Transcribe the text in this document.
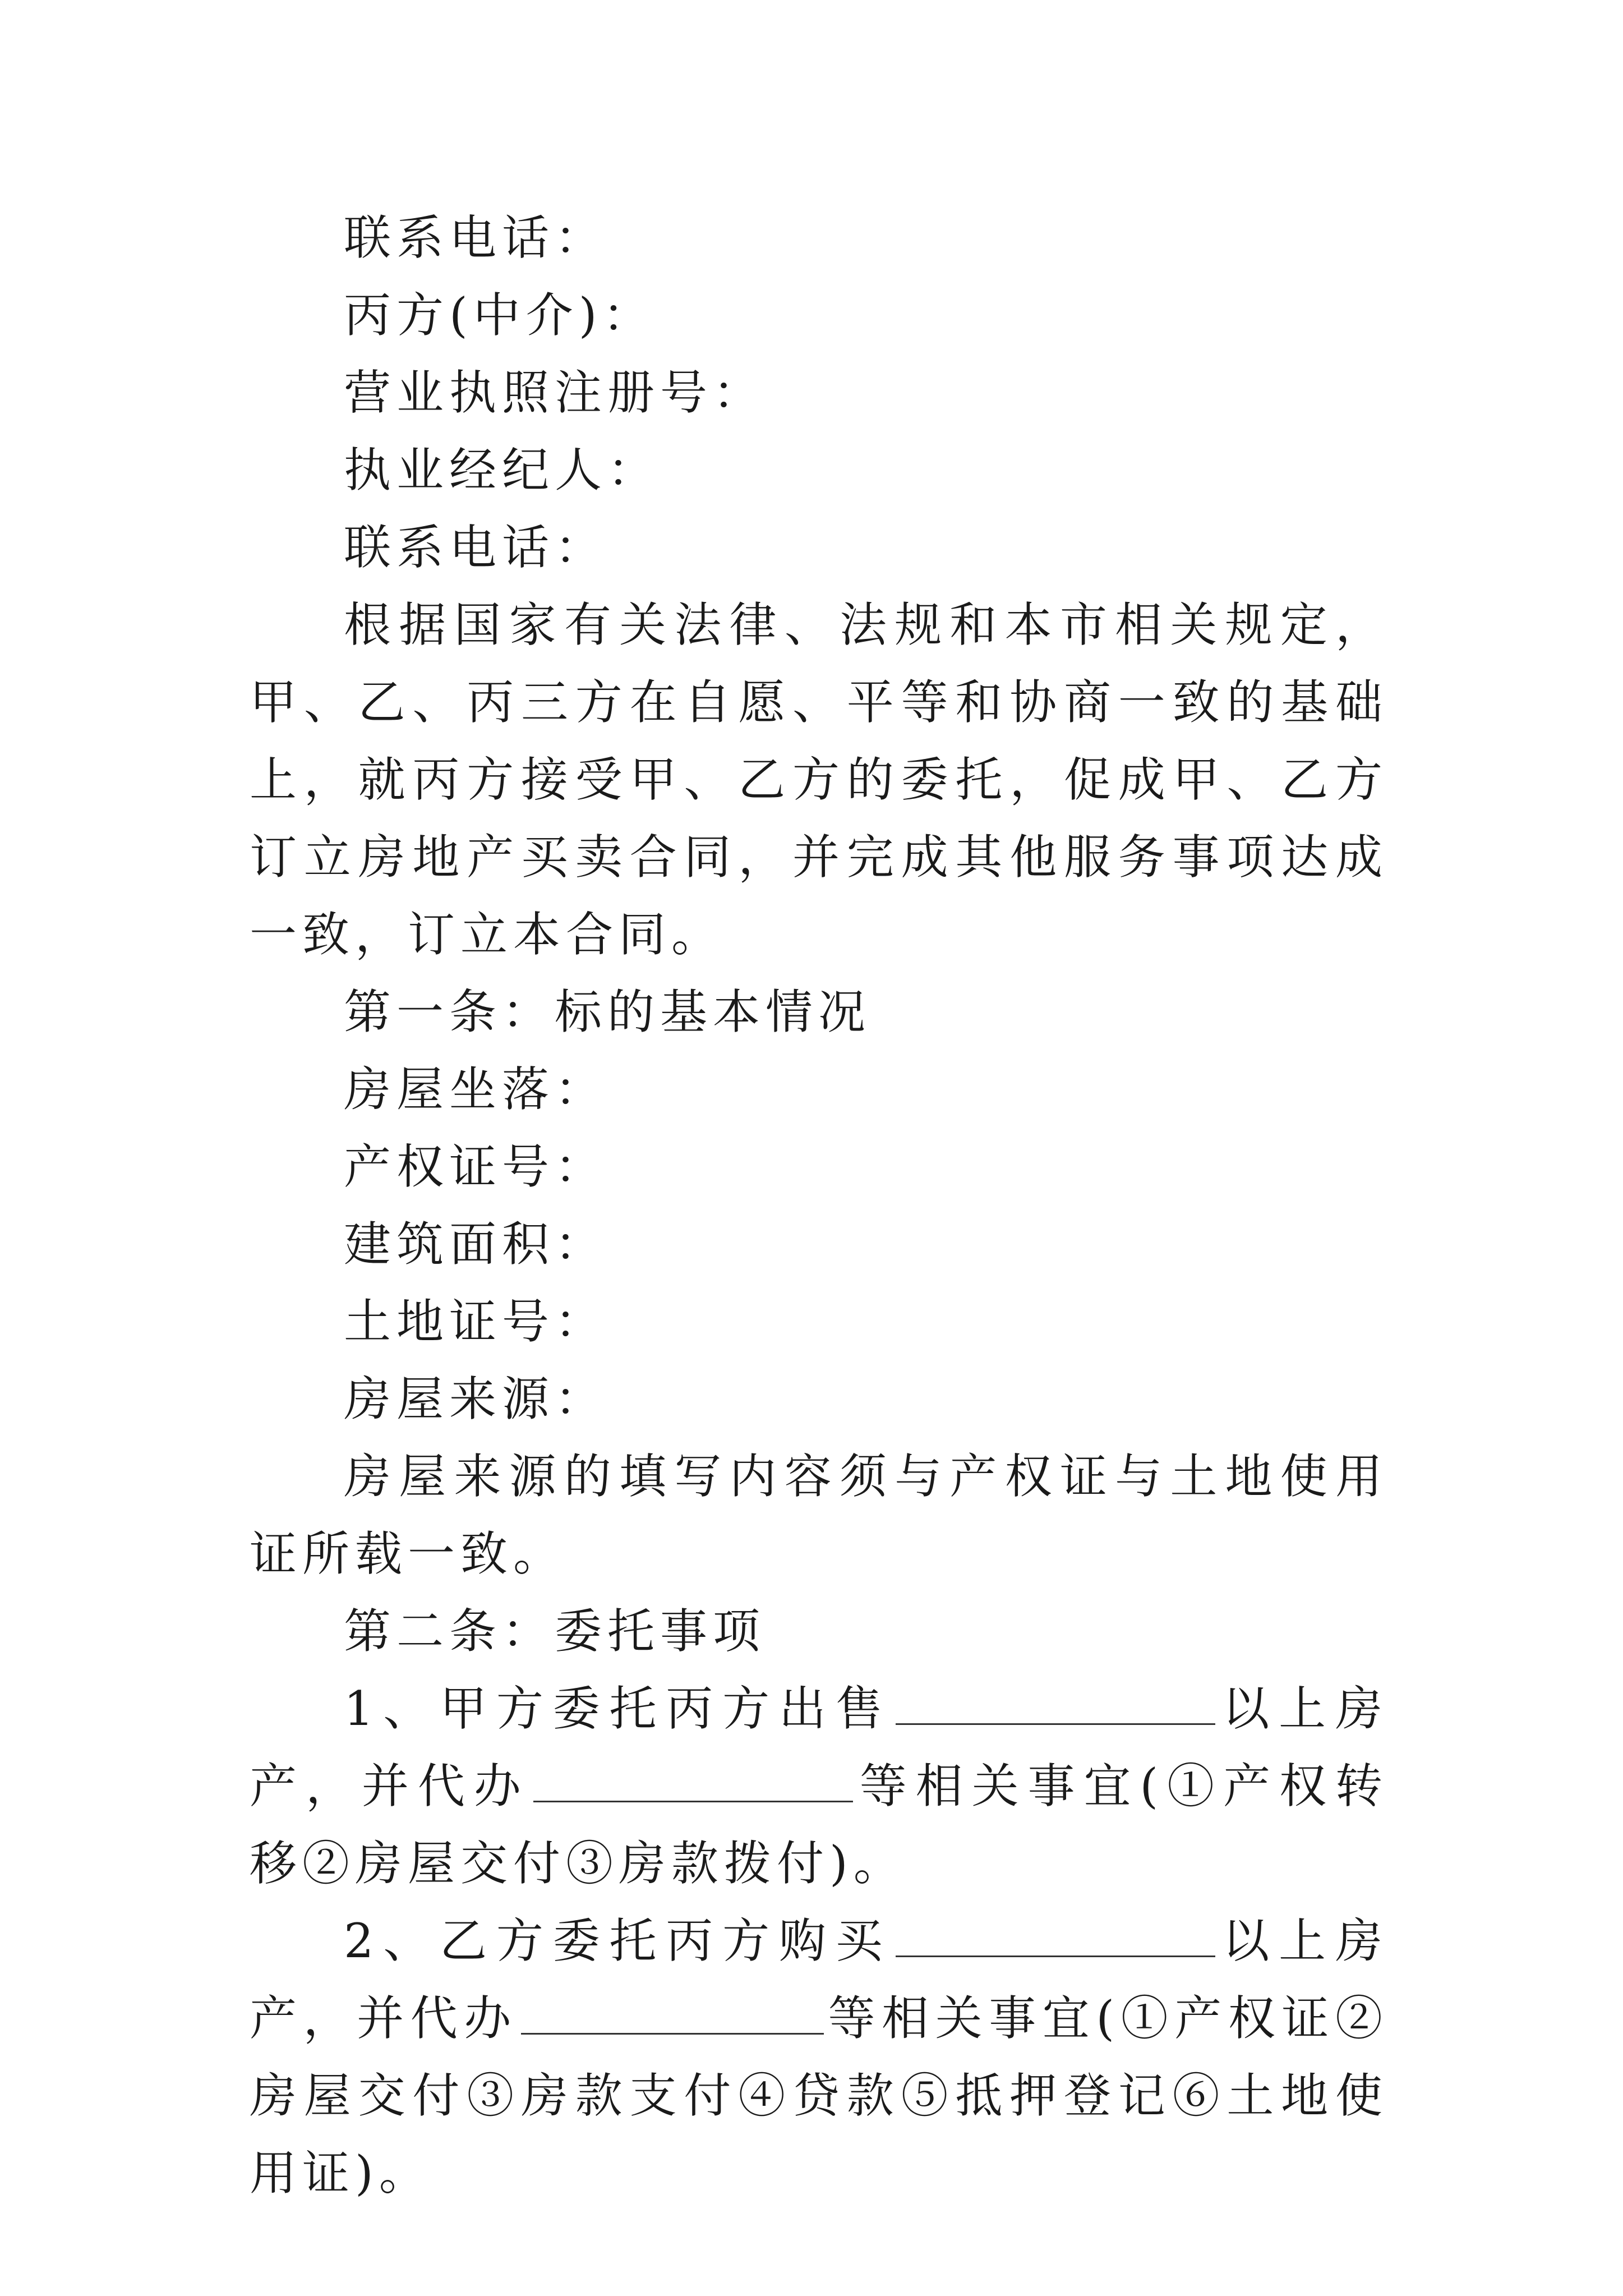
联系电话：

丙方(中介)：

营业执照注册号：

执业经纪人：

联系电话：

根据国家有关法律、法规和本市相关规定，甲、乙、丙三方在自愿、平等和协商一致的基础上，就丙方接受甲、乙方的委托，促成甲、乙方订立房地产买卖合同，并完成其他服务事项达成一致，订立本合同。

第一条：标的基本情况

房屋坐落：

产权证号：

建筑面积：

土地证号：

房屋来源：

房屋来源的填写内容须与产权证与土地使用证所载一致。

第二条：委托事项

1、甲方委托丙方出售	以上房产，并代办	等相关事宜(①产权转移②房屋交付③房款拨付)。

2、乙方委托丙方购买	以上房产，并代办	等相关事宜(①产权证②房屋交付③房款支付④贷款⑤抵押登记⑥土地使用证)。
